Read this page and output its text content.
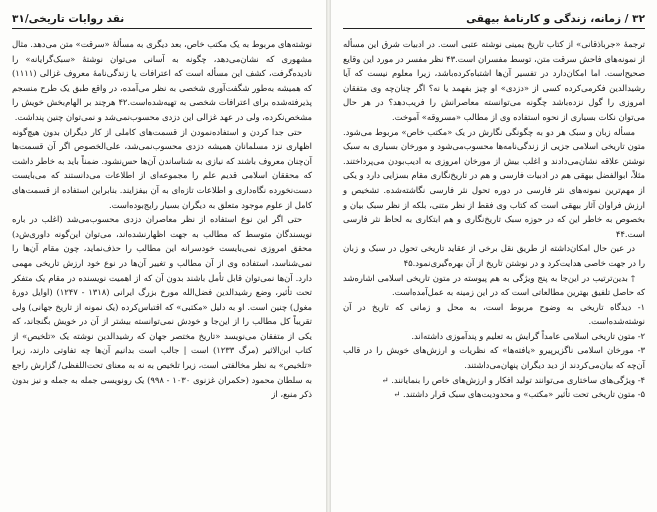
نقد روایات تاریخی/۳۱

نوشته‌های مربوط به یک مکتب خاص، بعد دیگری به مسألهٔ «سرقت» متن می‌دهد. مثال مشهوری که نشان‌می‌دهد، چگونه به آسانی می‌توان نوشتهٔ «سبک‌گرایانه» را نادیده‌گرفت، کشف این مسأله است که اعترافات یا زندگی‌نامهٔ معروف غزالی (۱۱۱۱) که همیشه به‌طور شگفت‌آوری شخصی به نظر می‌آمده، در واقع طبق یک طرح منسجم پذیرفته‌شده برای اعترافات شخصی به تهیه‌شده‌است.۴۲ هرچند بر الهام‌بخش خویش را مشخص‌نکرده، ولی در عهد غزالی این دزدی محسوب‌نمی‌شد و نمی‌توان چنین پنداشت.

حتی جدا کردن و استفاده‌نمودن از قسمت‌های کاملی از کار دیگران بدون هیچ‌گونه اظهاری نزد مسلمانان همیشه دزدی محسوب‌نمی‌شد، علی‌الخصوص اگر آن قسمت‌ها آن‌چنان معروف باشند که نیازی به شناساندن آن‌ها حس‌نشود. ضمناً باید به خاطر داشت که محققان اسلامی قدیم علم را مجموعه‌ای از اطلاعات می‌دانستند که می‌بایست دست‌نخورده نگاه‌داری و اطلاعات تازه‌ای به آن بیفزایند. بنابراین استفاده از قسمت‌های کامل از علوم موجود متعلق به دیگران بسیار رایج‌بوده‌است.

حتی اگر این نوع استفاده از نظر معاصران دزدی محسوب‌می‌شد (اغلب در باره نویسندگان متوسط که مطالب به جهت اظهارنشده‌اند، می‌توان این‌گونه داوری‌ش‌د) محقق امروزی نمی‌بایست خودسرانه این مطالب را حذف‌نماید، چون مقام آن‌ها را نمی‌شناسد، استفاده وی از آن مطالب و تغییر آن‌ها در نوع خود ارزش تاریخی مهمی دارد. آن‌ها نمی‌توان قابل تأمل باشند بدون آن که از اهمیت نویسنده در مقام یک متفکر تحت تأثیر، وضع رشیدالدین فضل‌الله مورخ بزرگ ایرانی (۱۳۱۸ - ۱۲۴۷) (اوایل دورهٔ مغول) چنین است. او به دلیل «مکتبی» که اقتباس‌کرده (یک نمونه از تاریخ جهانی) ولی تقریباً کل مطالب را از این‌جا و خودش نمی‌توانسته بیشتر از آن در خویش بگنجاند، که یکی از متفقان می‌نویسد «تاریخ مختصر جهان که رشیدالدین نوشته یک «تلخیص» از کتاب ابن‌الاثیر (مرگ ۱۲۳۳) است | جالب است بدانیم آن‌ها چه تفاوتی دارند، زیرا «تلخیص» به نظر مخالفتی است، زیرا تلخیص به نه به معنای تحت‌اللفظی/ گزارش راجع به سلطان محمود (حکمران غزنوی ۱۰۳۰ - ۹۹۸) یک رونویسی جمله به جمله و نیز بدون ذکر منبع، از

۳۲ / زمانه، زندگی و کارنامهٔ بیهقی

ترجمهٔ «جرباذقانی» از کتاب تاریخ یمینی نوشته عتبی است. در ادبیات شرق این مسأله از نمونه‌های فاحش سرقت متن، توسط مفسران است.۴۳ نظر مفسر در مورد این وقایع صحیح‌است. اما امکان‌دارد در تفسیر آن‌ها اشتباه‌کرده‌باشد، زیرا معلوم نیست که آیا رشیدالدین فکرمی‌کرده کسی از «دزدی» او چیز بفهمد یا نه؟ اگر چنان‌چه وی متفقان امروزی را گول نزده‌باشد چگونه می‌توانسته معاصرانش را فریب‌دهد؟ در هر حال می‌توان نکات بسیاری از نحوه استفاده وی از مطالب «مسروقه» آموخت.

مسأله زبان و سبک هر دو به چگونگی نگارش در یک «مکتب خاص» مربوط می‌شود. متون تاریخی اسلامی جزیی از زندگی‌نامه‌ها محسوب‌می‌شود و مورخان بسیاری به سبک نوشتن علاقه نشان‌می‌دادند و اغلب بیش از مورخان امروزی به ادیب‌بودن می‌پرداختند. مثلاً، ابوالفضل بیهقی هم در ادبیات فارسی و هم در تاریخ‌نگاری مقام بسزایی دارد و یکی از مهم‌ترین نمونه‌های نثر فارسی در دوره تحول نثر فارسی نگاشته‌شده. تشخیص و ارزش فراوان آثار بیهقی است که کتاب وی فقط از نظر متنی، بلکه از نظر سبک بیان و بخصوص به خاطر این که در حوزه سبک تاریخ‌نگاری و هم ابتکاری به لحاظ نثر فارسی است.۴۴

در عین حال امکان‌داشته از طریق نقل برخی از عقاید تاریخی تحول در سبک و زبان را در جهت خاصی هدایت‌کرد و در نوشتن تاریخ از آن بهره‌گیری‌نمود.۴۵

† بدین‌ترتیب در این‌جا به پنج ویژگی به هم پیوسته در متون تاریخی اسلامی اشاره‌شد که حاصل تلفیق بهترین مطالعاتی است که در این زمینه به عمل‌آمده‌است.

۱- دیدگاه تاریخی به وضوح مربوط است، به محل و زمانی که تاریخ در آن نوشته‌شده‌است.

۲- متون تاریخی اسلامی عامداً گرایش به تعلیم و پندآموزی داشته‌اند.

۳- مورخان اسلامی ناگزیرپیرو‌ «یافته‌ها» که نظریات و ارزش‌های خویش را در قالب آن‌چه که بیان‌می‌کردند از دید دیگران پنهان‌می‌داشتند.

۴- ویژگی‌های ساختاری می‌توانند تولید افکار و ارزش‌های خاص را بنمایانند. ↵

۵- متون تاریخی تحت تأثیر «مکتب» و محدودیت‌های سبک قرار داشتند. ↵
